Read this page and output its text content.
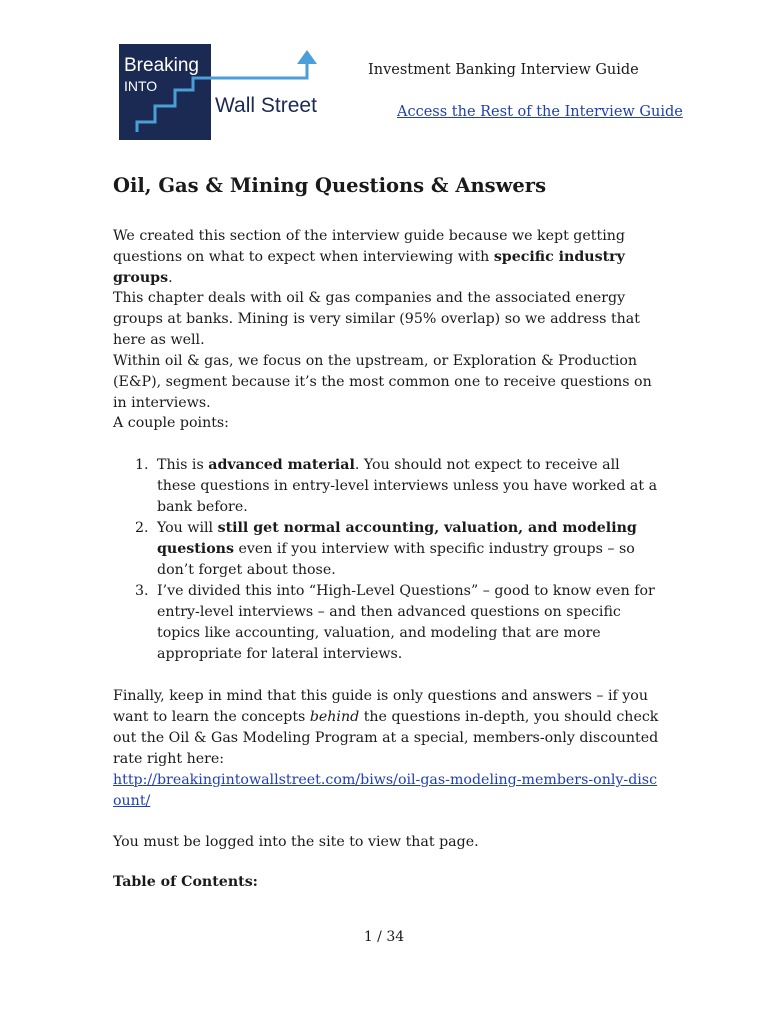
Breaking
INTO
Wall Street
Investment Banking Interview Guide
Access the Rest of the Interview Guide
Oil, Gas & Mining Questions & Answers

We created this section of the interview guide because we kept getting questions on what to expect when interviewing with specific industry groups.

This chapter deals with oil & gas companies and the associated energy groups at banks. Mining is very similar (95% overlap) so we address that here as well.

Within oil & gas, we focus on the upstream, or Exploration & Production (E&P), segment because it’s the most common one to receive questions on in interviews.

A couple points:

1. This is advanced material. You should not expect to receive all these questions in entry-level interviews unless you have worked at a bank before.
2. You will still get normal accounting, valuation, and modeling questions even if you interview with specific industry groups – so don’t forget about those.
3. I’ve divided this into “High-Level Questions” – good to know even for entry-level interviews – and then advanced questions on specific topics like accounting, valuation, and modeling that are more appropriate for lateral interviews.

Finally, keep in mind that this guide is only questions and answers – if you want to learn the concepts behind the questions in-depth, you should check out the Oil & Gas Modeling Program at a special, members-only discounted rate right here:

http://breakingintowallstreet.com/biws/oil-gas-modeling-members-only-discount/

You must be logged into the site to view that page.

Table of Contents:
1 / 34
